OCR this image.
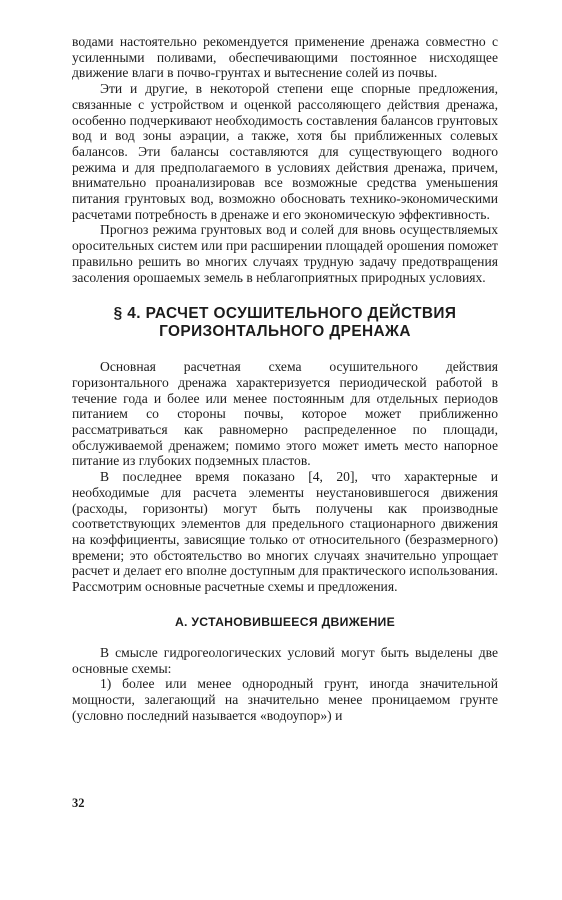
водами настоятельно рекомендуется применение дренажа совместно с усиленными поливами, обеспечивающими постоянное нисходящее движение влаги в почво-грунтах и вытеснение солей из почвы.

Эти и другие, в некоторой степени еще спорные предложения, связанные с устройством и оценкой рассоляющего действия дренажа, особенно подчеркивают необходимость составления балансов грунтовых вод и вод зоны аэрации, а также, хотя бы приближенных солевых балансов. Эти балансы составляются для существующего водного режима и для предполагаемого в условиях действия дренажа, причем, внимательно проанализировав все возможные средства уменьшения питания грунтовых вод, возможно обосновать технико-экономическими расчетами потребность в дренаже и его экономическую эффективность.

Прогноз режима грунтовых вод и солей для вновь осуществляемых оросительных систем или при расширении площадей орошения поможет правильно решить во многих случаях трудную задачу предотвращения засоления орошаемых земель в неблагоприятных природных условиях.

§ 4. РАСЧЕТ ОСУШИТЕЛЬНОГО ДЕЙСТВИЯ
ГОРИЗОНТАЛЬНОГО ДРЕНАЖА

Основная расчетная схема осушительного действия горизонтального дренажа характеризуется периодической работой в течение года и более или менее постоянным для отдельных периодов питанием со стороны почвы, которое может приближенно рассматриваться как равномерно распределенное по площади, обслуживаемой дренажем; помимо этого может иметь место напорное питание из глубоких подземных пластов.

В последнее время показано [4, 20], что характерные и необходимые для расчета элементы неустановившегося движения (расходы, горизонты) могут быть получены как производные соответствующих элементов для предельного стационарного движения на коэффициенты, зависящие только от относительного (безразмерного) времени; это обстоятельство во многих случаях значительно упрощает расчет и делает его вполне доступным для практического использования. Рассмотрим основные расчетные схемы и предложения.

А. УСТАНОВИВШЕЕСЯ ДВИЖЕНИЕ

В смысле гидрогеологических условий могут быть выделены две основные схемы:

1) более или менее однородный грунт, иногда значительной мощности, залегающий на значительно менее проницаемом грунте (условно последний называется «водоупор») и

32
